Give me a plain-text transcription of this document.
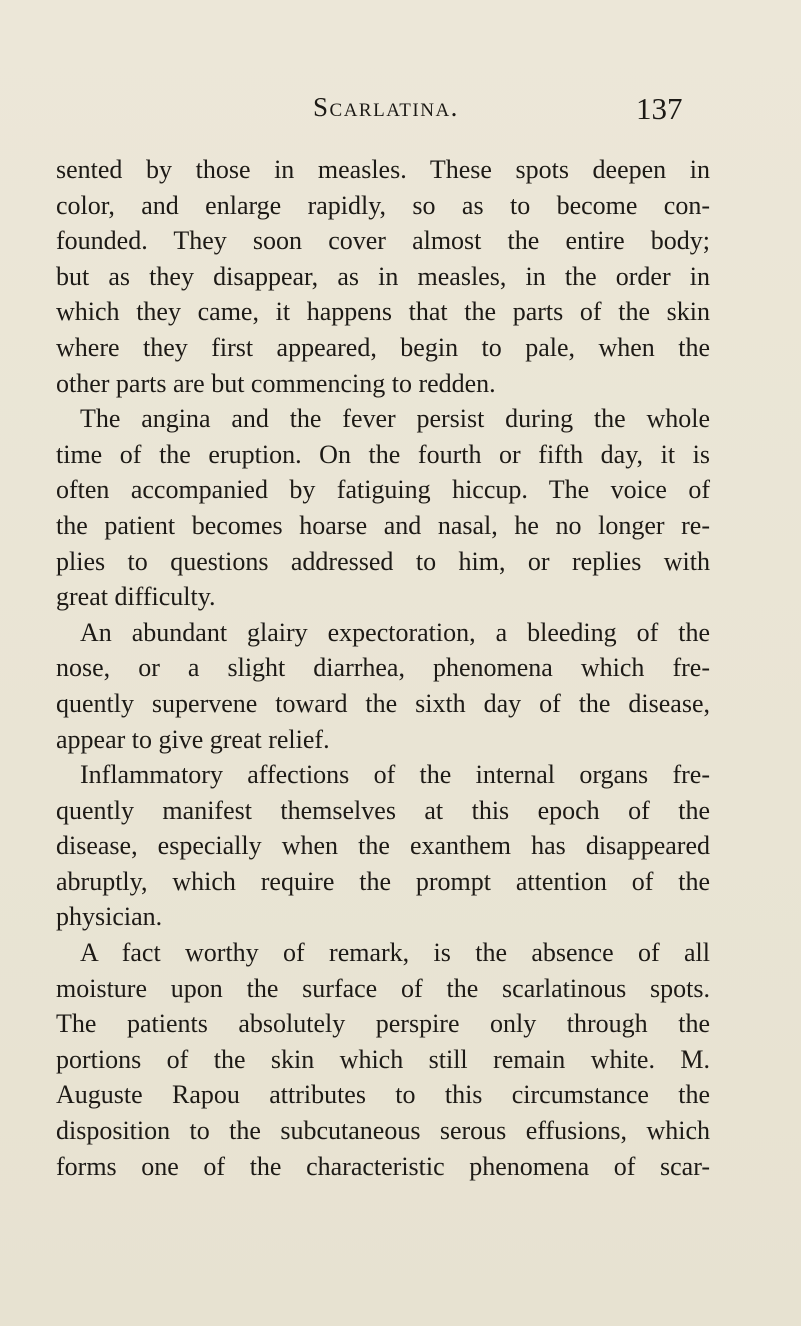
Scarlatina.	137
sented by those in measles. These spots deepen in
color, and enlarge rapidly, so as to become con-
founded. They soon cover almost the entire body;
but as they disappear, as in measles, in the order in
which they came, it happens that the parts of the skin
where they first appeared, begin to pale, when the
other parts are but commencing to redden.
The angina and the fever persist during the whole
time of the eruption. On the fourth or fifth day, it is
often accompanied by fatiguing hiccup. The voice of
the patient becomes hoarse and nasal, he no longer re-
plies to questions addressed to him, or replies with
great difficulty.
An abundant glairy expectoration, a bleeding of the
nose, or a slight diarrhea, phenomena which fre-
quently supervene toward the sixth day of the disease,
appear to give great relief.
Inflammatory affections of the internal organs fre-
quently manifest themselves at this epoch of the
disease, especially when the exanthem has disappeared
abruptly, which require the prompt attention of the
physician.
A fact worthy of remark, is the absence of all
moisture upon the surface of the scarlatinous spots.
The patients absolutely perspire only through the
portions of the skin which still remain white. M.
Auguste Rapou attributes to this circumstance the
disposition to the subcutaneous serous effusions, which
forms one of the characteristic phenomena of scar-
